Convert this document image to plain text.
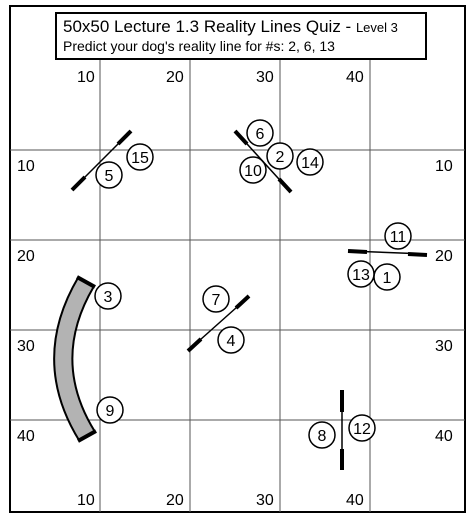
10	20	30	40
10	20	30	40
10
20
30
40
10
20
30
40
1
2
3
4
5
6
7
8
9
10
11
12
13
14
15
50x50 Lecture 1.3 Reality Lines Quiz - Level 3
Predict your dog's reality line for #s: 2, 6, 13
